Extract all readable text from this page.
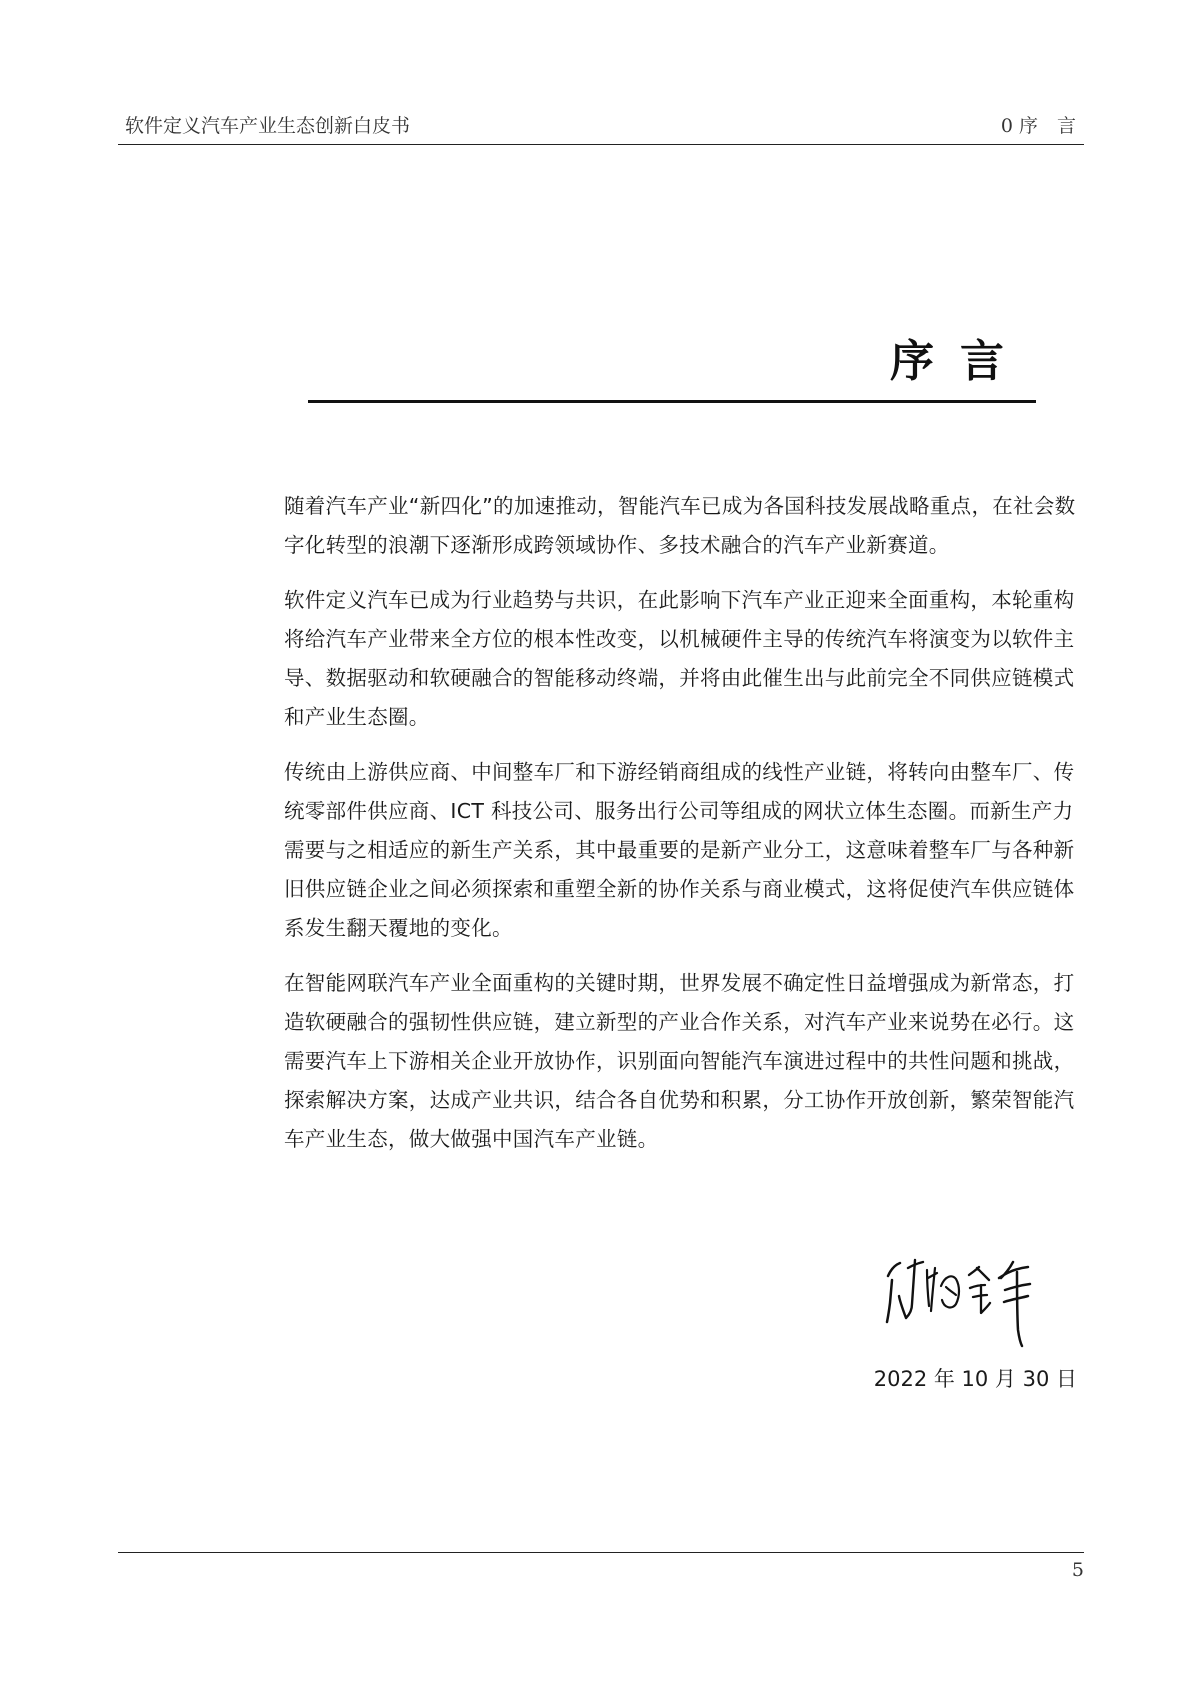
软件定义汽车产业生态创新白皮书	0 序　言
序言

随着汽车产业“新四化”的加速推动，智能汽车已成为各国科技发展战略重点，在社会数字化转型的浪潮下逐渐形成跨领域协作、多技术融合的汽车产业新赛道。

软件定义汽车已成为行业趋势与共识，在此影响下汽车产业正迎来全面重构，本轮重构将给汽车产业带来全方位的根本性改变，以机械硬件主导的传统汽车将演变为以软件主导、数据驱动和软硬融合的智能移动终端，并将由此催生出与此前完全不同供应链模式和产业生态圈。

传统由上游供应商、中间整车厂和下游经销商组成的线性产业链，将转向由整车厂、传统零部件供应商、ICT 科技公司、服务出行公司等组成的网状立体生态圈。而新生产力需要与之相适应的新生产关系，其中最重要的是新产业分工，这意味着整车厂与各种新旧供应链企业之间必须探索和重塑全新的协作关系与商业模式，这将促使汽车供应链体系发生翻天覆地的变化。

在智能网联汽车产业全面重构的关键时期，世界发展不确定性日益增强成为新常态，打造软硬融合的强韧性供应链，建立新型的产业合作关系，对汽车产业来说势在必行。这需要汽车上下游相关企业开放协作，识别面向智能汽车演进过程中的共性问题和挑战，探索解决方案，达成产业共识，结合各自优势和积累，分工协作开放创新，繁荣智能汽车产业生态，做大做强中国汽车产业链。

2022 年 10 月 30 日
5
